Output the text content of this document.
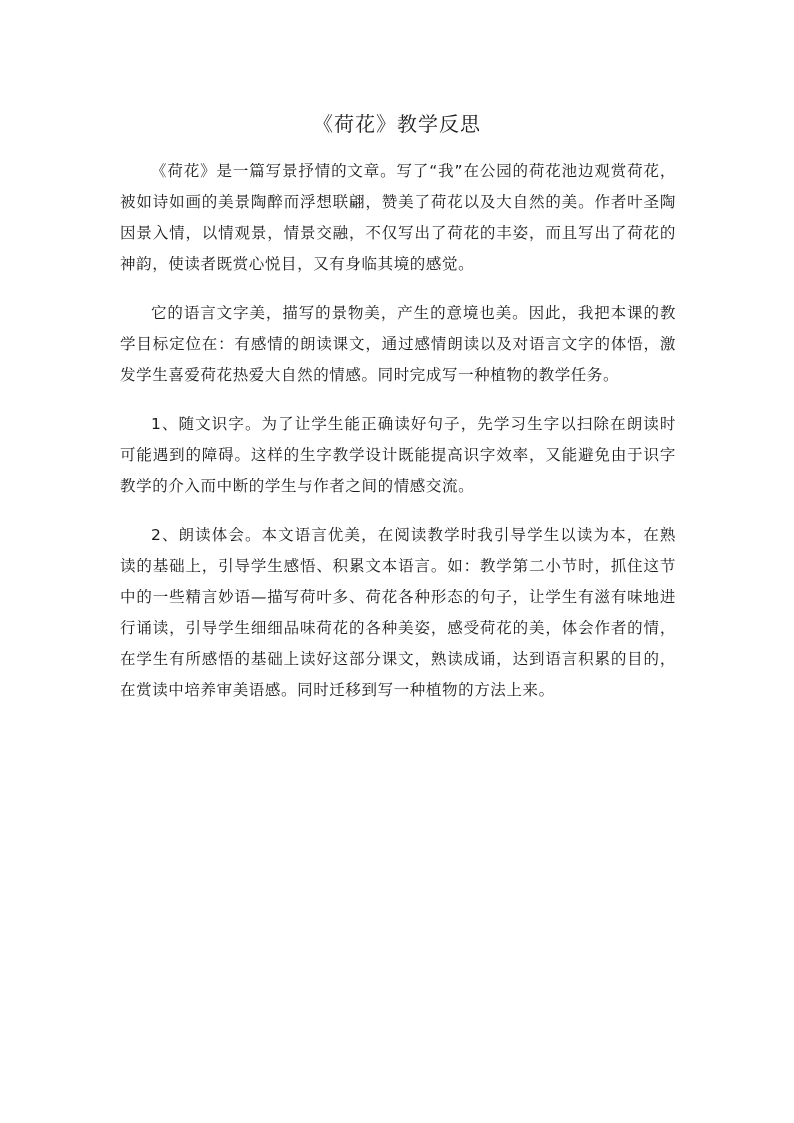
《荷花》教学反思

《荷花》是一篇写景抒情的文章。写了“我”在公园的荷花池边观赏荷花，被如诗如画的美景陶醉而浮想联翩，赞美了荷花以及大自然的美。作者叶圣陶因景入情，以情观景，情景交融，不仅写出了荷花的丰姿，而且写出了荷花的神韵，使读者既赏心悦目，又有身临其境的感觉。

它的语言文字美，描写的景物美，产生的意境也美。因此，我把本课的教学目标定位在：有感情的朗读课文，通过感情朗读以及对语言文字的体悟，激发学生喜爱荷花热爱大自然的情感。同时完成写一种植物的教学任务。

1、随文识字。为了让学生能正确读好句子，先学习生字以扫除在朗读时可能遇到的障碍。这样的生字教学设计既能提高识字效率，又能避免由于识字教学的介入而中断的学生与作者之间的情感交流。

2、朗读体会。本文语言优美，在阅读教学时我引导学生以读为本，在熟读的基础上，引导学生感悟、积累文本语言。如：教学第二小节时，抓住这节中的一些精言妙语—描写荷叶多、荷花各种形态的句子，让学生有滋有味地进行诵读，引导学生细细品味荷花的各种美姿，感受荷花的美，体会作者的情，在学生有所感悟的基础上读好这部分课文，熟读成诵，达到语言积累的目的，在赏读中培养审美语感。同时迁移到写一种植物的方法上来。
